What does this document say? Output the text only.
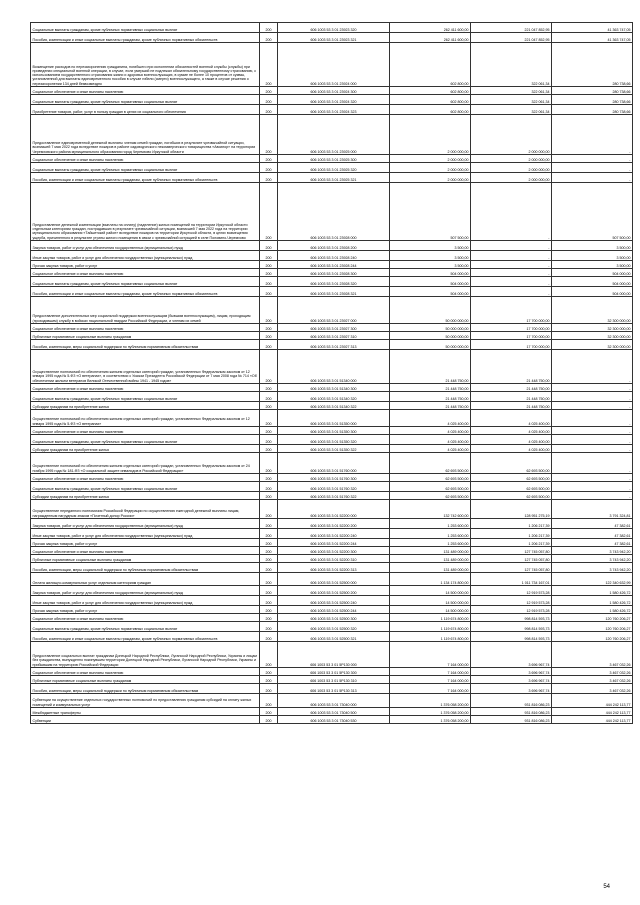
Социальные выплаты гражданам, кроме публичных нормативных социальных выплат	200	606 1003 53 3 01 23923 320	262 411 600,00	221 047 852,95	41 363 747,05
Пособия, компенсации и иные социальные выплаты гражданам, кроме публичных нормативных обязательств	200	606 1003 53 3 01 23923 321	262 411 600,00	221 047 852,95	41 363 747,05
Возмещение расходов по перезахоронению гражданина, погибшего при исполнении обязанностей военной службы (службы) при проведении специальной военной операции, в случае, если умерший не подлежал обязательному государственному страхованию, с использованием государственного страхования жизни и здоровья военнослужащих, в сумме не более 10 процентов от суммы, установленной для выплаты единовременного пособия в случае гибели (смерти) военнослужащего, а также в случае решения о перезахоронении 134 дней безвозмездно	200	606 1003 53 3 01 23924 000	602 800,00	322 061,34	280 738,66
Социальное обеспечение и иные выплаты населению	200	606 1003 53 3 01 23924 300	602 800,00	322 061,34	280 738,66
Социальные выплаты гражданам, кроме публичных нормативных социальных выплат	200	606 1003 53 3 01 23924 320	602 800,00	322 061,34	280 738,66
Приобретение товаров, работ, услуг в пользу граждан в целях их социального обеспечения	200	606 1003 53 3 01 23924 323	602 800,00	322 061,34	280 738,66
Предоставление единовременной денежной выплаты членам семей граждан, погибших в результате чрезвычайной ситуации, возникшей 7 мая 2022 года вследствие пожаров в районе садоводческого некоммерческого товарищества «Авиатор» на территории Черемховского района муниципального образования город Черемхово Иркутской области	200	606 1003 53 3 01 23925 000	2 000 000,00	2 000 000,00	-
Социальное обеспечение и иные выплаты населению	200	606 1003 53 3 01 23925 300	2 000 000,00	2 000 000,00	-
Социальные выплаты гражданам, кроме публичных нормативных социальных выплат	200	606 1003 53 3 01 23925 320	2 000 000,00	2 000 000,00	-
Пособия, компенсации и иные социальные выплаты гражданам, кроме публичных нормативных обязательств	200	606 1003 53 3 01 23925 321	2 000 000,00	2 000 000,00	-
Предоставление денежной компенсации (выплаты на оплату) (наделение) жилых помещений на территории Иркутской области отдельным категориям граждан, пострадавших в результате чрезвычайной ситуации, возникшей 7 мая 2022 года на территории муниципального образования «Тайшетский район» вследствие пожаров на территории Иркутской области, в целях возмещения ущерба, причиненного в результате утраты жилого помещения в связи с чрезвычайной ситуацией в селе Половино-Черемхово	200	606 1003 53 3 01 23928 000	507 500,00	-	507 500,00
Закупка товаров, работ и услуг для обеспечения государственных (муниципальных) нужд	200	606 1003 53 3 01 23928 200	3 500,00	-	3 500,00
Иные закупки товаров, работ и услуг для обеспечения государственных (муниципальных) нужд	200	606 1003 53 3 01 23928 240	3 500,00	-	3 500,00
Прочая закупка товаров, работ и услуг	200	606 1003 53 3 01 23928 244	3 500,00	-	3 500,00
Социальное обеспечение и иные выплаты населению	200	606 1003 53 3 01 23928 300	504 000,00	-	504 000,00
Социальные выплаты гражданам, кроме публичных нормативных социальных выплат	200	606 1003 53 3 01 23928 320	504 000,00	-	504 000,00
Пособия, компенсации и иные социальные выплаты гражданам, кроме публичных нормативных обязательств	200	606 1003 53 3 01 23928 321	504 000,00	-	504 000,00
Предоставление дополнительных мер социальной поддержки военнослужащим (бывшим военнослужащим), лицам, проходящим (проходившим) службу в войсках национальной гвардии Российской Федерации, и членам их семей	200	606 1003 53 3 01 23927 000	50 000 000,00	17 700 000,00	32 300 000,00
Социальное обеспечение и иные выплаты населению	200	606 1003 53 3 01 23927 300	50 000 000,00	17 700 000,00	32 300 000,00
Публичные нормативные социальные выплаты гражданам	200	606 1003 53 3 01 23927 310	50 000 000,00	17 700 000,00	32 300 000,00
Пособия, компенсации, меры социальной поддержки по публичным нормативным обязательствам	200	606 1003 53 3 01 23927 313	50 000 000,00	17 700 000,00	32 300 000,00
Осуществление полномочий по обеспечению жильем отдельных категорий граждан, установленных Федеральным законом от 12 января 1995 года № 5-ФЗ «О ветеранах», в соответствии с Указом Президента Российской Федерации от 7 мая 2008 года № 714 «Об обеспечении жильем ветеранов Великой Отечественной войны 1941 - 1945 годов»	200	606 1003 53 3 01 51340 000	21 448 750,00	21 448 750,00	-
Социальное обеспечение и иные выплаты населению	200	606 1003 53 3 01 51340 300	21 448 750,00	21 448 750,00	-
Социальные выплаты гражданам, кроме публичных нормативных социальных выплат	200	606 1003 53 3 01 51340 320	21 448 750,00	21 448 750,00	-
Субсидии гражданам на приобретение жилья	200	606 1003 53 3 01 51340 322	21 448 750,00	21 448 750,00	-
Осуществление полномочий по обеспечению жильем отдельных категорий граждан, установленных Федеральным законом от 12 января 1995 года № 5-ФЗ «О ветеранах»	200	606 1003 53 3 01 51350 000	4 025 400,00	4 025 400,00	-
Социальное обеспечение и иные выплаты населению	200	606 1003 53 3 01 51350 300	4 025 400,00	4 025 400,00	-
Социальные выплаты гражданам, кроме публичных нормативных социальных выплат	200	606 1003 53 3 01 51350 320	4 025 400,00	4 025 400,00	-
Субсидии гражданам на приобретение жилья	200	606 1003 53 3 01 51350 322	4 025 400,00	4 025 400,00	-
Осуществление полномочий по обеспечению жильем отдельных категорий граждан, установленных Федеральным законом от 24 ноября 1995 года № 181-ФЗ «О социальной защите инвалидов в Российской Федерации»	200	606 1003 53 3 01 51760 000	62 693 500,00	62 693 500,00	-
Социальное обеспечение и иные выплаты населению	200	606 1003 53 3 01 51760 300	62 693 500,00	62 693 500,00	-
Социальные выплаты гражданам, кроме публичных нормативных социальных выплат	200	606 1003 53 3 01 51760 320	62 693 500,00	62 693 500,00	-
Субсидии гражданам на приобретение жилья	200	606 1003 53 3 01 51760 322	62 693 500,00	62 693 500,00	-
Осуществление переданного полномочия Российской Федерации по осуществлению ежегодной денежной выплаты лицам, награжденным нагрудным знаком «Почетный донор России»	200	606 1003 53 3 01 52200 000	132 742 600,00	128 951 275,19	3 791 324,81
Закупка товаров, работ и услуг для обеспечения государственных (муниципальных) нужд	200	606 1003 53 3 01 52200 200	1 253 600,00	1 206 217,39	47 382,61
Иные закупки товаров, работ и услуг для обеспечения государственных (муниципальных) нужд	200	606 1003 53 3 01 52200 240	1 253 600,00	1 206 217,39	47 382,61
Прочая закупка товаров, работ и услуг	200	606 1003 53 3 01 52200 244	1 253 600,00	1 206 217,39	47 382,61
Социальное обеспечение и иные выплаты населению	200	606 1003 53 3 01 52200 300	131 489 000,00	127 745 057,80	3 743 942,20
Публичные нормативные социальные выплаты гражданам	200	606 1003 53 3 01 52200 310	131 489 000,00	127 745 057,80	3 743 942,20
Пособия, компенсации, меры социальной поддержки по публичным нормативным обязательствам	200	606 1003 53 3 01 52200 313	131 489 000,00	127 745 057,80	3 743 942,20
Оплата жилищно-коммунальных услуг отдельным категориям граждан	200	606 1003 53 3 01 52500 000	1 134 174 800,00	1 011 734 167,01	122 340 632,99
Закупка товаров, работ и услуг для обеспечения государственных (муниципальных) нужд	200	606 1003 53 3 01 52500 200	14 500 000,00	12 919 573,28	1 580 426,72
Иные закупки товаров, работ и услуг для обеспечения государственных (муниципальных) нужд	200	606 1003 53 3 01 52500 240	14 500 000,00	12 919 573,28	1 580 426,72
Прочая закупка товаров, работ и услуг	200	606 1003 53 3 01 52500 244	14 500 000,00	12 919 573,28	1 580 426,72
Социальное обеспечение и иные выплаты населению	200	606 1003 53 3 01 52500 300	1 119 674 800,00	998 814 593,73	120 760 206,27
Социальные выплаты гражданам, кроме публичных нормативных социальных выплат	200	606 1003 53 3 01 52500 320	1 119 674 800,00	998 814 593,73	120 760 206,27
Пособия, компенсации и иные социальные выплаты гражданам, кроме публичных нормативных обязательств	200	606 1003 53 3 01 52500 321	1 119 674 800,00	998 814 593,73	120 760 206,27
Предоставление социальных выплат гражданам Донецкой Народной Республики, Луганской Народной Республики, Украины и лицам без гражданства, вынужденно покинувшим территории Донецкой Народной Республики, Луганской Народной Республики, Украины и прибывшим на территорию Российской Федерации	200	606 1003 53 3 01 5Р130 000	7 164 000,00	3 696 967,74	3 467 032,26
Социальное обеспечение и иные выплаты населению	200	606 1003 53 3 01 5Р130 300	7 164 000,00	3 696 967,74	3 467 032,26
Публичные нормативные социальные выплаты гражданам	200	606 1003 53 3 01 5Р130 310	7 164 000,00	3 696 967,74	3 467 032,26
Пособия, компенсации, меры социальной поддержки по публичным нормативным обязательствам	200	606 1003 53 3 01 5Р130 313	7 164 000,00	3 696 967,74	3 467 032,26
Субвенции на осуществление отдельных государственных полномочий по предоставлению гражданам субсидий на оплату жилых помещений и коммунальных услуг	200	606 1003 53 3 01 73040 000	1 376 058 200,00	931 816 086,23	444 242 113,77
Межбюджетные трансферты	200	606 1003 53 3 01 73040 500	1 376 058 200,00	931 816 086,23	444 242 113,77
Субвенции	200	606 1003 53 3 01 73040 530	1 376 058 200,00	931 816 086,23	444 242 113,77
54
